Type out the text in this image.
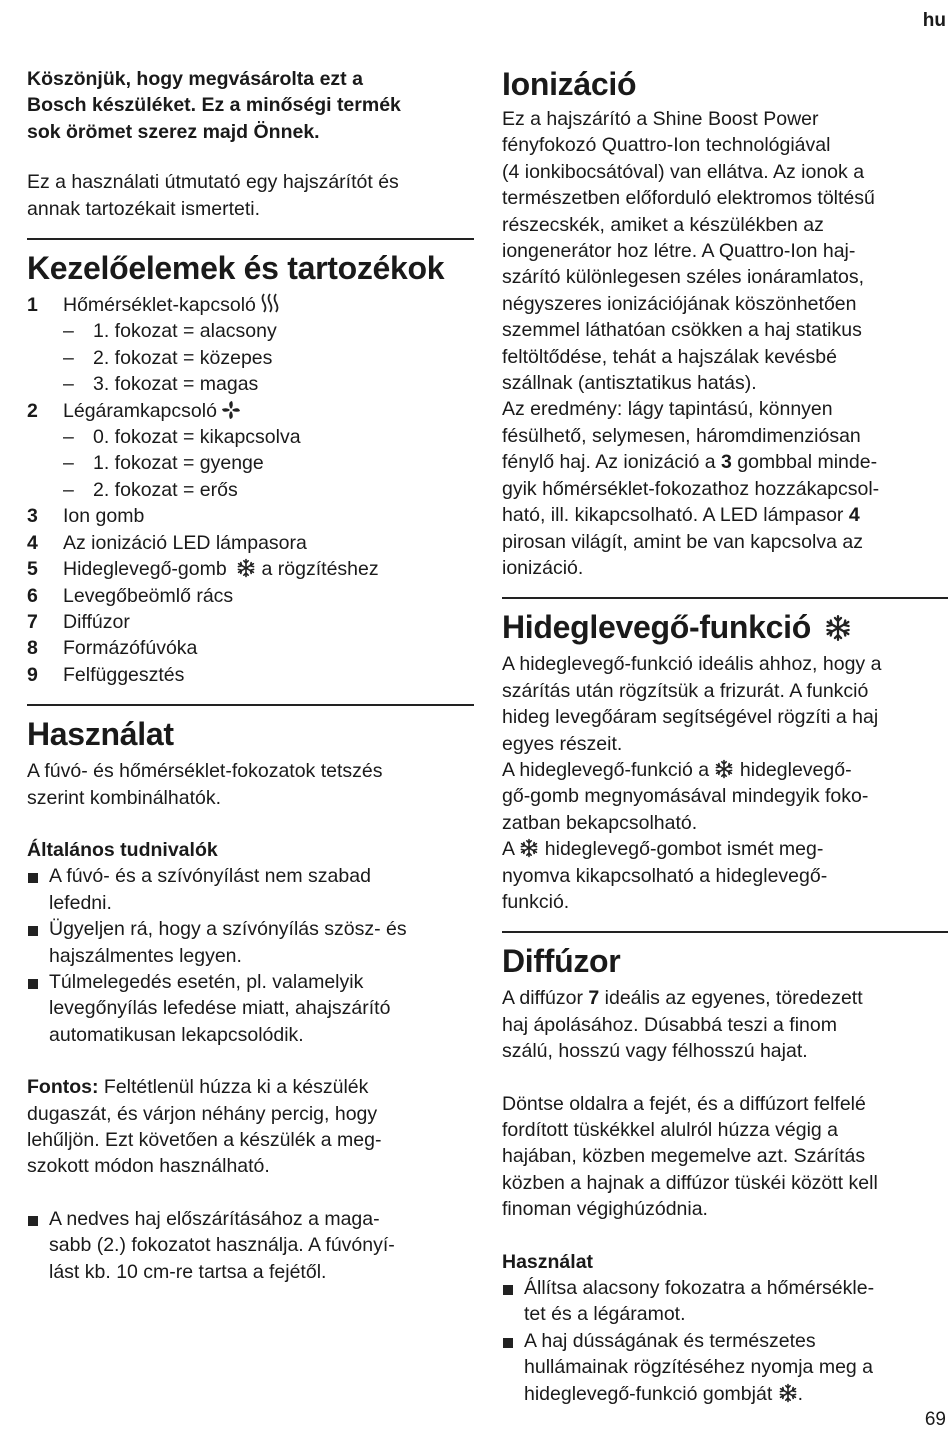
hu

Köszönjük, hogy megvásárolta ezt a

Bosch készüléket. Ez a minőségi termék

sok örömet szerez majd Önnek.

Ez a használati útmutató egy hajszárítót és

annak tartozékait ismerteti.

Kezelőelemek és tartozékok
1	Hőmérséklet-kapcsoló
– 1. fokozat = alacsony
– 2. fokozat = közepes
– 3. fokozat = magas
2	Légáramkapcsoló
– 0. fokozat = kikapcsolva
– 1. fokozat = gyenge
– 2. fokozat = erős
3	Ion gomb
4	Az ionizáció LED lámpasora
5	Hideglevegő-gomb a rögzítéshez
6	Levegőbeömlő rács
7	Diffúzor
8	Formázófúvóka
9	Felfüggesztés
Használat

A fúvó- és hőmérséklet-fokozatok tetszés

szerint kombinálhatók.

Általános tudnivalók
A fúvó- és a szívónyílást nem szabad
lefedni.
Ügyeljen rá, hogy a szívónyílás szösz- és
hajszálmentes legyen.
Túlmelegedés esetén, pl. valamelyik
levegőnyílás lefedése miatt, ahajszárító
automatikusan lekapcsolódik.

Fontos: Feltétlenül húzza ki a készülék

dugaszát, és várjon néhány percig, hogy

lehűljön. Ezt követően a készülék a meg-

szokott módon használható.

A nedves haj előszárításához a maga-
sabb (2.) fokozatot használja. A fúvónyí-
lást kb. 10 cm-re tartsa a fejétől.
Ionizáció

Ez a hajszárító a Shine Boost Power

fényfokozó Quattro-Ion technológiával

(4 ionkibocsátóval) van ellátva. Az ionok a

természetben előforduló elektromos töltésű

részecskék, amiket a készülékben az

iongenerátor hoz létre. A Quattro-Ion haj-

szárító különlegesen széles ionáramlatos,

négyszeres ionizációjának köszönhetően

szemmel láthatóan csökken a haj statikus

feltöltődése, tehát a hajszálak kevésbé

szállnak (antisztatikus hatás).

Az eredmény: lágy tapintású, könnyen

fésülhető, selymesen, háromdimenziósan

fénylő haj. Az ionizáció a 3 gombbal minde-

gyik hőmérséklet-fokozathoz hozzákapcsol-

ható, ill. kikapcsolható. A LED lámpasor 4

pirosan világít, amint be van kapcsolva az

ionizáció.

Hideglevegő-funkció

A hideglevegő-funkció ideális ahhoz, hogy a

szárítás után rögzítsük a frizurát. A funkció

hideg levegőáram segítségével rögzíti a haj

egyes részeit.

A hideglevegő-funkció a  hideglevegő-

gő-gomb megnyomásával mindegyik foko-

zatban bekapcsolható.

A  hideglevegő-gombot ismét meg-

nyomva kikapcsolható a hideglevegő-

funkció.

Diffúzor

A diffúzor 7 ideális az egyenes, töredezett

haj ápolásához. Dúsabbá teszi a finom

szálú, hosszú vagy félhosszú hajat.

Döntse oldalra a fejét, és a diffúzort felfelé

fordított tüskékkel alulról húzza végig a

hajában, közben megemelve azt. Szárítás

közben a hajnak a diffúzor tüskéi között kell

finoman végighúzódnia.

Használat
Állítsa alacsony fokozatra a hőmérsékle-
tet és a légáramot.
A haj dússágának és természetes
hullámainak rögzítéséhez nyomja meg a
hideglevegő-funkció gombját .
69
